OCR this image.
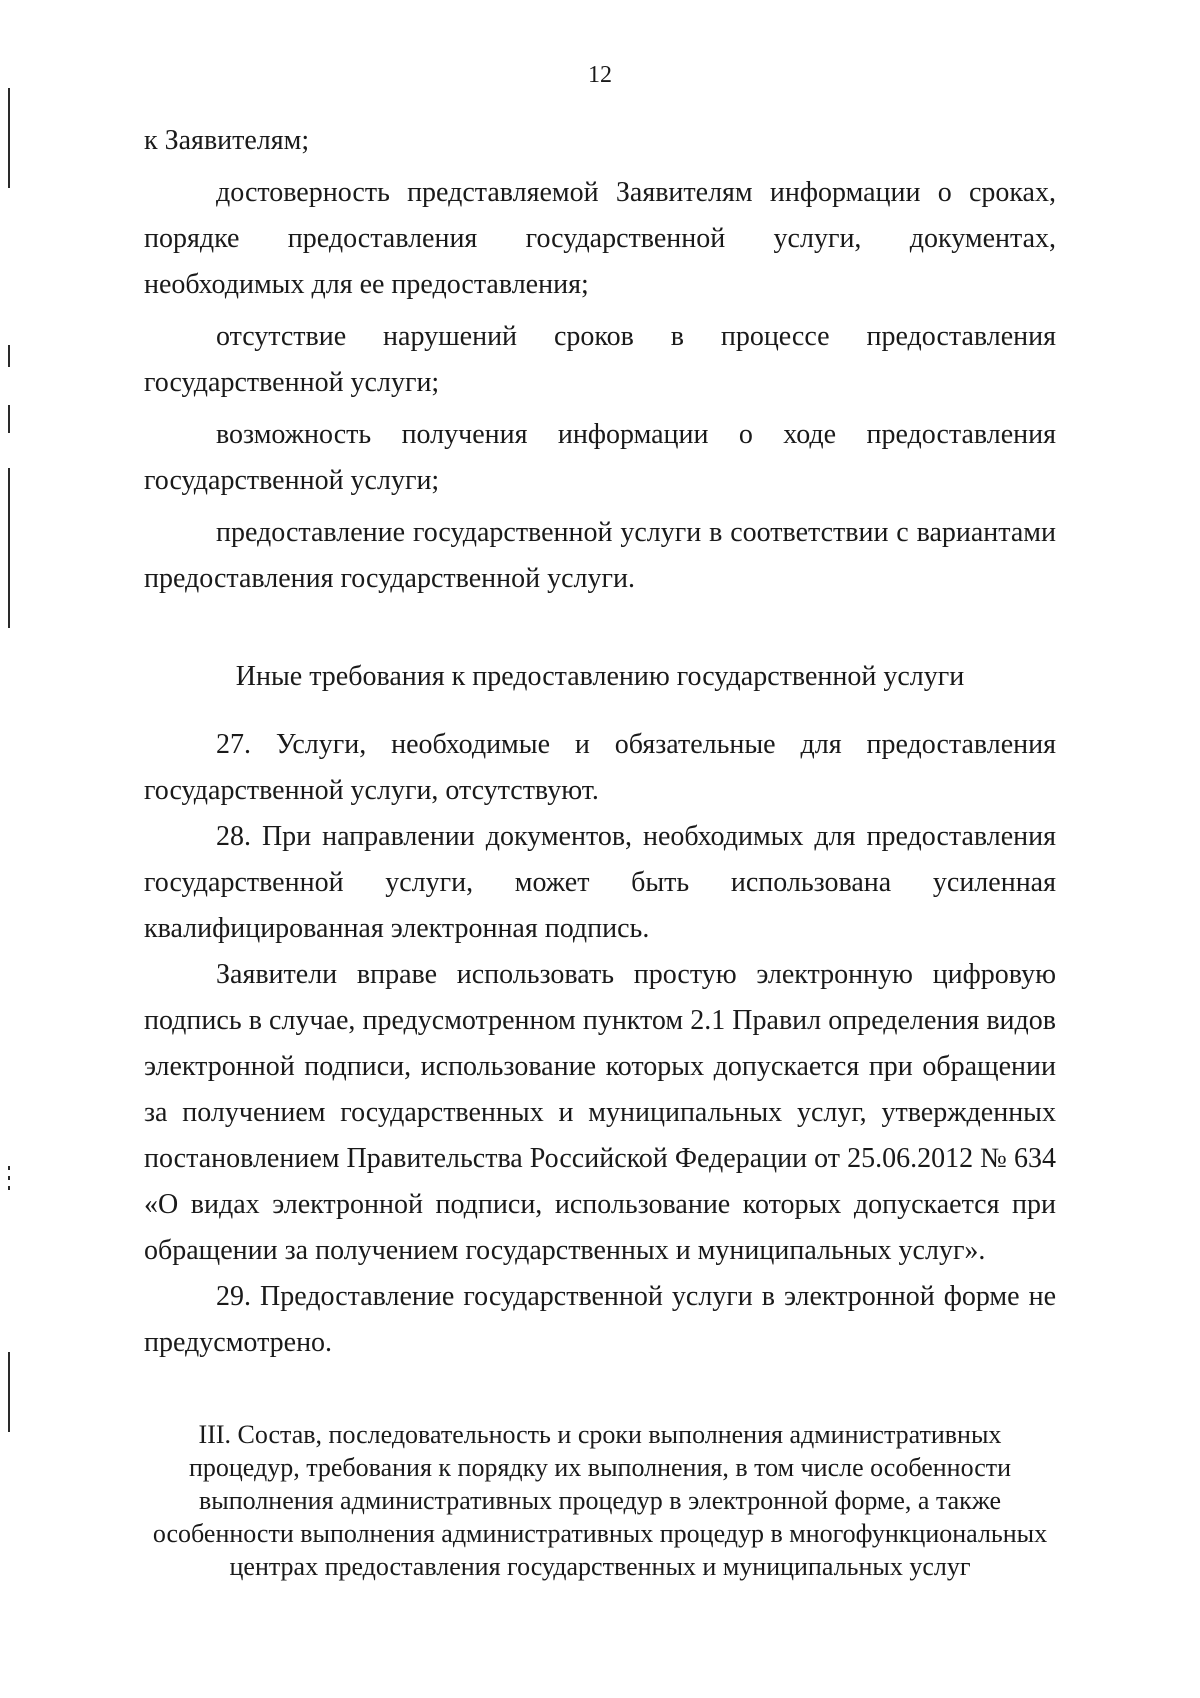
12

к Заявителям;

достоверность представляемой Заявителям информации о сроках, порядке предоставления государственной услуги, документах, необходимых для ее предоставления;

отсутствие нарушений сроков в процессе предоставления государственной услуги;

возможность получения информации о ходе предоставления государственной услуги;

предоставление государственной услуги в соответствии с вариантами предоставления государственной услуги.

Иные требования к предоставлению государственной услуги

27. Услуги, необходимые и обязательные для предоставления государственной услуги, отсутствуют.

28. При направлении документов, необходимых для предоставления государственной услуги, может быть использована усиленная квалифицированная электронная подпись.

Заявители вправе использовать простую электронную цифровую подпись в случае, предусмотренном пунктом 2.1 Правил определения видов электронной подписи, использование которых допускается при обращении за получением государственных и муниципальных услуг, утвержденных постановлением Правительства Российской Федерации от 25.06.2012 № 634 «О видах электронной подписи, использование которых допускается при обращении за получением государственных и муниципальных услуг».

29. Предоставление государственной услуги в электронной форме не предусмотрено.

III. Состав, последовательность и сроки выполнения административных процедур, требования к порядку их выполнения, в том числе особенности выполнения административных процедур в электронной форме, а также особенности выполнения административных процедур в многофункциональных центрах предоставления государственных и муниципальных услуг
